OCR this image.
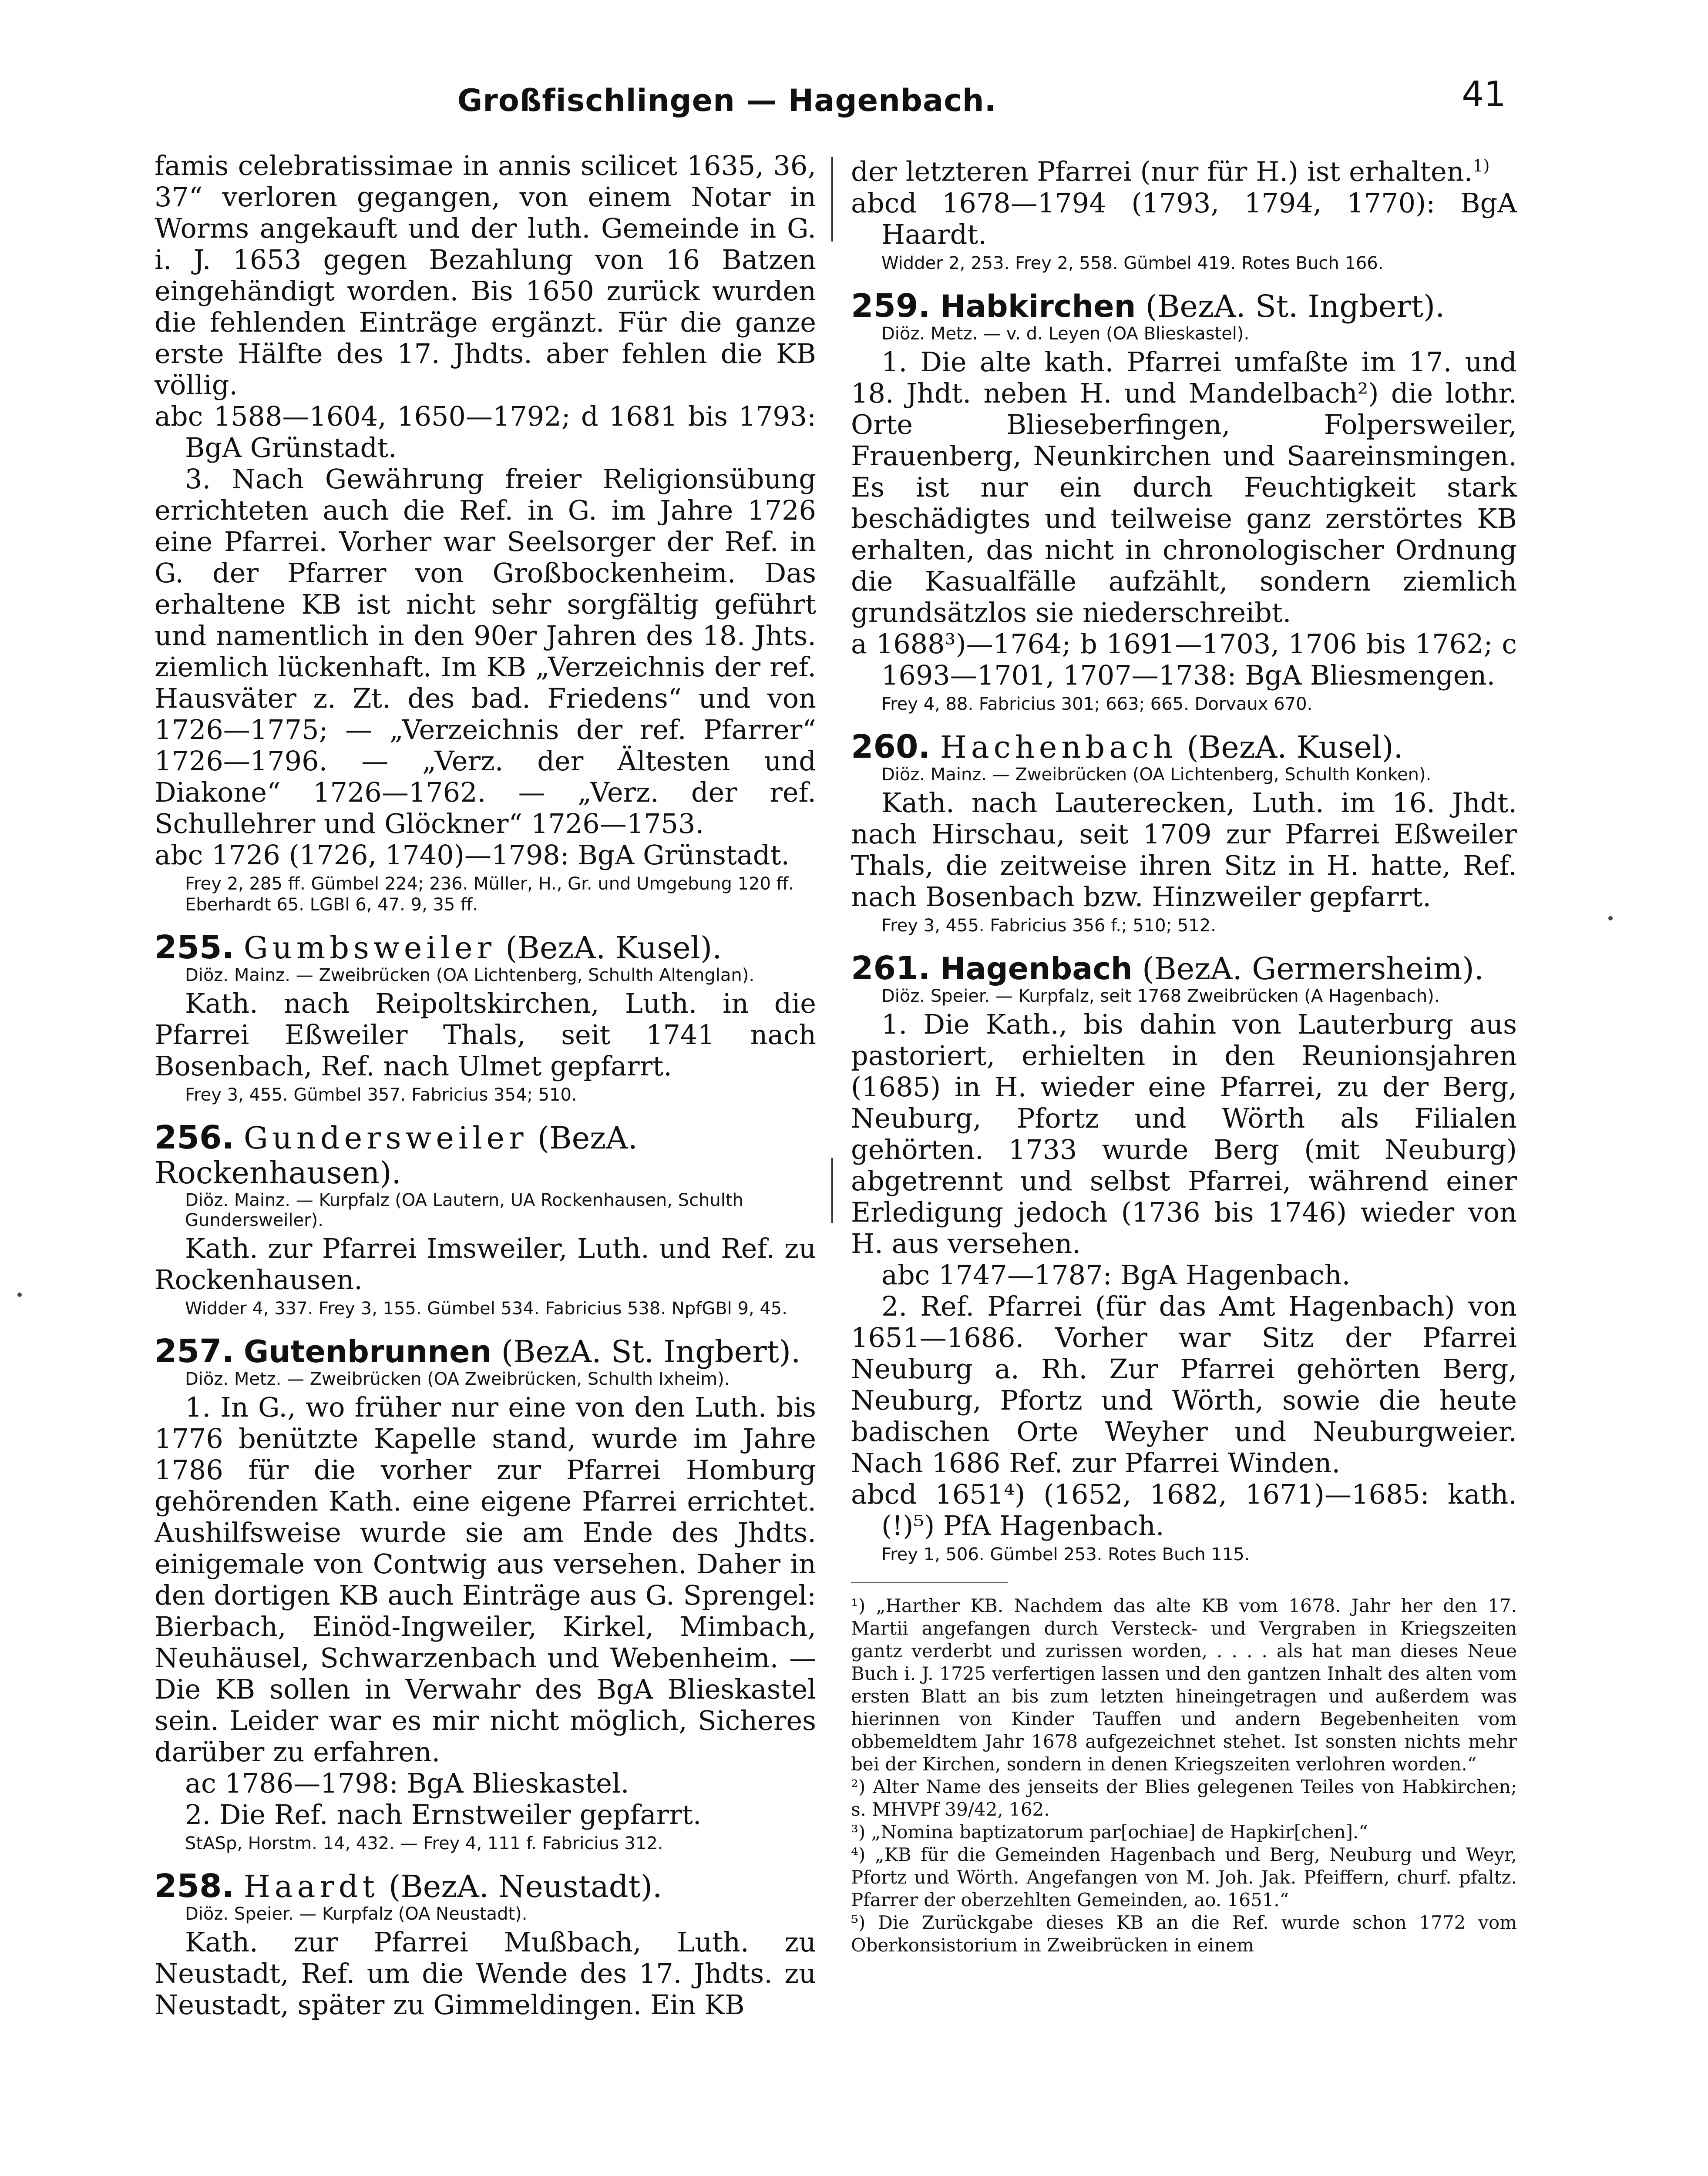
Großfischlingen — Hagenbach.	41

famis celebratissimae in annis scilicet 1635, 36, 37“ verloren gegangen, von einem Notar in Worms angekauft und der luth. Gemeinde in G. i. J. 1653 gegen Bezahlung von 16 Batzen eingehändigt worden. Bis 1650 zurück wurden die fehlenden Einträge ergänzt. Für die ganze erste Hälfte des 17. Jhdts. aber fehlen die KB völlig.

abc 1588—1604, 1650—1792; d 1681 bis 1793: BgA Grünstadt.

3. Nach Gewährung freier Religionsübung errichteten auch die Ref. in G. im Jahre 1726 eine Pfarrei. Vorher war Seelsorger der Ref. in G. der Pfarrer von Großbockenheim. Das erhaltene KB ist nicht sehr sorgfältig geführt und namentlich in den 90er Jahren des 18. Jhts. ziemlich lückenhaft. Im KB „Verzeichnis der ref. Hausväter z. Zt. des bad. Friedens“ und von 1726—1775; — „Verzeichnis der ref. Pfarrer“ 1726—1796. — „Verz. der Ältesten und Diakone“ 1726—1762. — „Verz. der ref. Schullehrer und Glöckner“ 1726—1753.

abc 1726 (1726, 1740)—1798: BgA Grünstadt.

Frey 2, 285 ff. Gümbel 224; 236. Müller, H., Gr. und Umgebung 120 ff. Eberhardt 65. LGBl 6, 47. 9, 35 ff.

255. Gumbsweiler (BezA. Kusel).

Diöz. Mainz. — Zweibrücken (OA Lichtenberg, Schulth Altenglan).

Kath. nach Reipoltskirchen, Luth. in die Pfarrei Eßweiler Thals, seit 1741 nach Bosenbach, Ref. nach Ulmet gepfarrt.

Frey 3, 455. Gümbel 357. Fabricius 354; 510.

256. Gundersweiler (BezA. Rockenhausen).

Diöz. Mainz. — Kurpfalz (OA Lautern, UA Rockenhausen, Schulth Gundersweiler).

Kath. zur Pfarrei Imsweiler, Luth. und Ref. zu Rockenhausen.

Widder 4, 337. Frey 3, 155. Gümbel 534. Fabricius 538. NpfGBl 9, 45.

257. Gutenbrunnen (BezA. St. Ingbert).

Diöz. Metz. — Zweibrücken (OA Zweibrücken, Schulth Ixheim).

1. In G., wo früher nur eine von den Luth. bis 1776 benützte Kapelle stand, wurde im Jahre 1786 für die vorher zur Pfarrei Homburg gehörenden Kath. eine eigene Pfarrei errichtet. Aushilfsweise wurde sie am Ende des Jhdts. einigemale von Contwig aus versehen. Daher in den dortigen KB auch Einträge aus G. Sprengel: Bierbach, Einöd-Ingweiler, Kirkel, Mimbach, Neuhäusel, Schwarzenbach und Webenheim. — Die KB sollen in Verwahr des BgA Blieskastel sein. Leider war es mir nicht möglich, Sicheres darüber zu erfahren.

ac 1786—1798: BgA Blieskastel.

2. Die Ref. nach Ernstweiler gepfarrt.

StASp, Horstm. 14, 432. — Frey 4, 111 f. Fabricius 312.

258. Haardt (BezA. Neustadt).

Diöz. Speier. — Kurpfalz (OA Neustadt).

Kath. zur Pfarrei Mußbach, Luth. zu Neustadt, Ref. um die Wende des 17. Jhdts. zu Neustadt, später zu Gimmeldingen. Ein KB

der letzteren Pfarrei (nur für H.) ist erhalten.$^{1)}$

abcd 1678—1794 (1793, 1794, 1770): BgA Haardt.

Widder 2, 253. Frey 2, 558. Gümbel 419. Rotes Buch 166.

259. Habkirchen (BezA. St. Ingbert).

Diöz. Metz. — v. d. Leyen (OA Blieskastel).

1. Die alte kath. Pfarrei umfaßte im 17. und 18. Jhdt. neben H. und Mandelbach²) die lothr. Orte Blieseberfingen, Folpersweiler, Frauenberg, Neunkirchen und Saareinsmingen. Es ist nur ein durch Feuchtigkeit stark beschädigtes und teilweise ganz zerstörtes KB erhalten, das nicht in chronologischer Ordnung die Kasualfälle aufzählt, sondern ziemlich grundsätzlos sie niederschreibt.

a 1688³)—1764; b 1691—1703, 1706 bis 1762; c 1693—1701, 1707—1738: BgA Bliesmengen.

Frey 4, 88. Fabricius 301; 663; 665. Dorvaux 670.

260. Hachenbach (BezA. Kusel).

Diöz. Mainz. — Zweibrücken (OA Lichtenberg, Schulth Konken).

Kath. nach Lauterecken, Luth. im 16. Jhdt. nach Hirschau, seit 1709 zur Pfarrei Eßweiler Thals, die zeitweise ihren Sitz in H. hatte, Ref. nach Bosenbach bzw. Hinzweiler gepfarrt.

Frey 3, 455. Fabricius 356 f.; 510; 512.

261. Hagenbach (BezA. Germersheim).

Diöz. Speier. — Kurpfalz, seit 1768 Zweibrücken (A Hagenbach).

1. Die Kath., bis dahin von Lauterburg aus pastoriert, erhielten in den Reunionsjahren (1685) in H. wieder eine Pfarrei, zu der Berg, Neuburg, Pfortz und Wörth als Filialen gehörten. 1733 wurde Berg (mit Neuburg) abgetrennt und selbst Pfarrei, während einer Erledigung jedoch (1736 bis 1746) wieder von H. aus versehen.

abc 1747—1787: BgA Hagenbach.

2. Ref. Pfarrei (für das Amt Hagenbach) von 1651—1686. Vorher war Sitz der Pfarrei Neuburg a. Rh. Zur Pfarrei gehörten Berg, Neuburg, Pfortz und Wörth, sowie die heute badischen Orte Weyher und Neuburgweier. Nach 1686 Ref. zur Pfarrei Winden.

abcd 1651⁴) (1652, 1682, 1671)—1685: kath. (!)⁵) PfA Hagenbach.

Frey 1, 506. Gümbel 253. Rotes Buch 115.

¹) „Harther KB. Nachdem das alte KB vom 1678. Jahr her den 17. Martii angefangen durch Versteck- und Vergraben in Kriegszeiten gantz verderbt und zurissen worden, . . . . als hat man dieses Neue Buch i. J. 1725 verfertigen lassen und den gantzen Inhalt des alten vom ersten Blatt an bis zum letzten hineingetragen und außerdem was hierinnen von Kinder Tauffen und andern Begebenheiten vom obbemeldtem Jahr 1678 aufgezeichnet stehet. Ist sonsten nichts mehr bei der Kirchen, sondern in denen Kriegszeiten verlohren worden.“

²) Alter Name des jenseits der Blies gelegenen Teiles von Habkirchen; s. MHVPf 39/42, 162.

³) „Nomina baptizatorum par[ochiae] de Hapkir[chen].“

⁴) „KB für die Gemeinden Hagenbach und Berg, Neuburg und Weyr, Pfortz und Wörth. Angefangen von M. Joh. Jak. Pfeiffern, churf. pfaltz. Pfarrer der oberzehlten Gemeinden, ao. 1651.“

⁵) Die Zurückgabe dieses KB an die Ref. wurde schon 1772 vom Oberkonsistorium in Zweibrücken in einem
